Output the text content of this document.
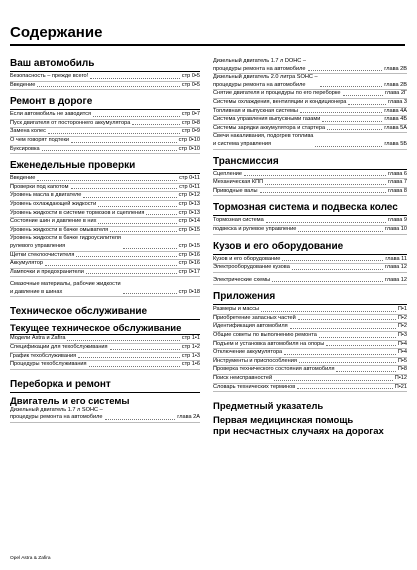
Содержание
Ваш автомобиль
Безопасность – прежде всего!	стр 0•5
Введение	стр 0•5
Ремонт в дороге
Если автомобиль не заводится	стр 0•7
Пуск двигателя от постороннего аккумулятора	стр 0•8
Замена колес	стр 0•9
О чем говорят подтеки	стр 0•10
Буксировка	стр 0•10
Еженедельные проверки
Введение	стр 0•11
Проверки под капотом	стр 0•11
Уровень масла в двигателе	стр 0•12
Уровень охлаждающей жидкости	стр 0•13
Уровень жидкости в системе тормозов и сцепления	стр 0•13
Состояние шин и давление в них	стр 0•14
Уровень жидкости в бачке омывателя	стр 0•15
Уровень жидкости в бачке гидроусилителя
рулевого управления	стр 0•15
Щетки стеклоочистителя	стр 0•16
Аккумулятор	стр 0•16
Лампочки и предохранители	стр 0•17
Смазочные материалы, рабочие жидкости
и давление в шинах	стр 0•18
Техническое обслуживание
Текущее техническое обслуживание
Модели Astra и Zafira	стр 1•1
Спецификации для техобслуживания	стр 1•2
График техобслуживания	стр 1•3
Процедуры техобслуживания	стр 1•6
Переборка и ремонт
Двигатель и его системы
Дизельный двигатель 1.7 л SOHC –
процедуры ремонта на автомобиле	глава 2А
Дизельный двигатель 1.7 л DOHC –
процедуры ремонта на автомобиле	глава 2В
Дизельный двигатель 2.0 литра SOHC –
процедуры ремонта на автомобиле	глава 2В
Снятие двигателя и процедуры по его переборке	глава 2Г
Системы охлаждения, вентиляции и кондиционера	глава 3
Топливная и выпускная системы	глава 4А
Система управления выпускными газами	глава 4Б
Системы зарядки аккумулятора и стартера	глава 5А
Свечи накаливания, подогрев топлива
и система управления	глава 5Б
Трансмиссия
Сцепление	глава 6
Механическая КПП	глава 7
Приводные валы	глава 8
Тормозная система и подвеска колес
Тормозная система	глава 9
подвеска и рулевое управление	глава 10
Кузов и его оборудование
Кузов и его оборудование	глава 11
Электрооборудование кузова	глава 12
Электрические схемы	глава 12
Приложения
Размеры и массы	П•1
Приобретение запасных частей	П•2
Идентификация автомобиля	П•2
Общие советы по выполнению ремонта	П•3
Подъем и установка автомобиля на опоры	П•4
Отключение аккумулятора	П•4
Инструменты и приспособления	П•5
Проверка технического состояния автомобиля	П•8
Поиск неисправностей	П•12
Словарь технических терминов	П•21
Предметный указатель
Первая медицинская помощь
при несчастных случаях на дорогах
Opel Astra & Zafira
